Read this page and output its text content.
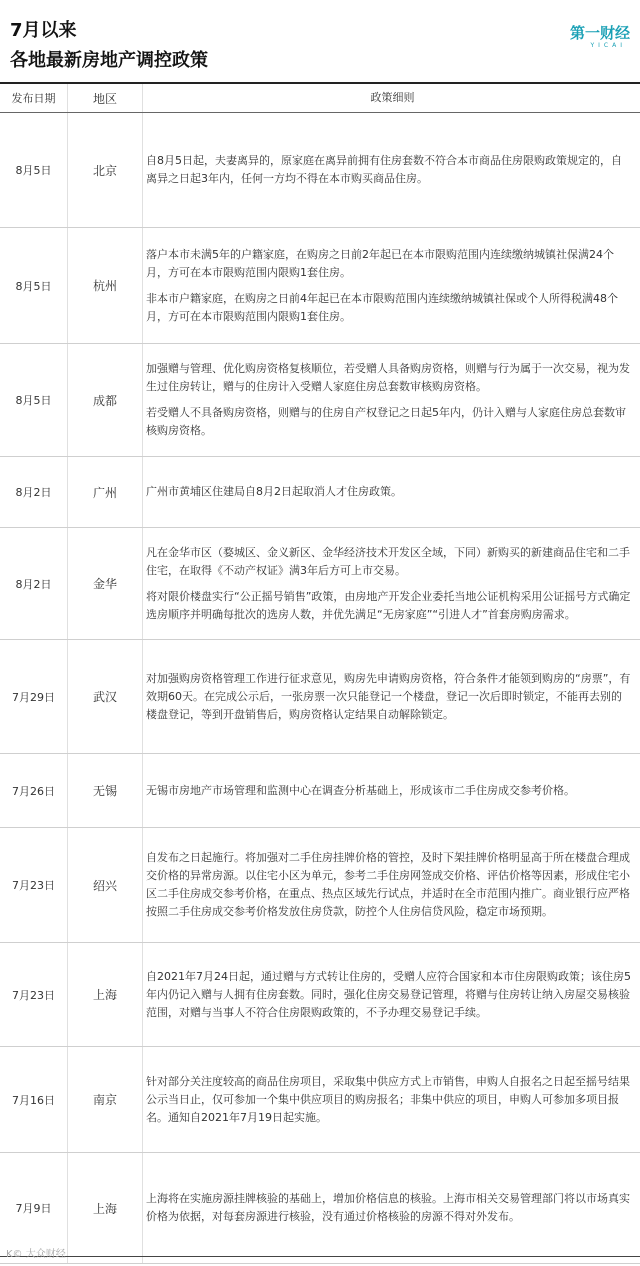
7月以来
各地最新房地产调控政策
第一财经
YICAI
发布日期	地区	政策细则
8月5日	北京	自8月5日起，夫妻离异的，原家庭在离异前拥有住房套数不符合本市商品住房限购政策规定的，自离异之日起3年内，任何一方均不得在本市购买商品住房。

8月5日	杭州	落户本市未满5年的户籍家庭，在购房之日前2年起已在本市限购范围内连续缴纳城镇社保满24个月，方可在本市限购范围内限购1套住房。
非本市户籍家庭，在购房之日前4年起已在本市限购范围内连续缴纳城镇社保或个人所得税满48个月，方可在本市限购范围内限购1套住房。

8月5日	成都	加强赠与管理、优化购房资格复核顺位，若受赠人具备购房资格，则赠与行为属于一次交易，视为发生过住房转让，赠与的住房计入受赠人家庭住房总套数审核购房资格。
若受赠人不具备购房资格，则赠与的住房自产权登记之日起5年内，仍计入赠与人家庭住房总套数审核购房资格。

8月2日	广州	广州市黄埔区住建局自8月2日起取消人才住房政策。

8月2日	金华	凡在金华市区（婺城区、金义新区、金华经济技术开发区全域，下同）新购买的新建商品住宅和二手住宅，在取得《不动产权证》满3年后方可上市交易。
将对限价楼盘实行“公正摇号销售”政策，由房地产开发企业委托当地公证机构采用公证摇号方式确定选房顺序并明确每批次的选房人数，并优先满足“无房家庭”“引进人才”首套房购房需求。

7月29日	武汉	对加强购房资格管理工作进行征求意见，购房先申请购房资格，符合条件才能领到购房的“房票”，有效期60天。在完成公示后，一张房票一次只能登记一个楼盘，登记一次后即时锁定，不能再去别的楼盘登记，等到开盘销售后，购房资格认定结果自动解除锁定。

7月26日	无锡	无锡市房地产市场管理和监测中心在调查分析基础上，形成该市二手住房成交参考价格。

7月23日	绍兴	自发布之日起施行。将加强对二手住房挂牌价格的管控，及时下架挂牌价格明显高于所在楼盘合理成交价格的异常房源。以住宅小区为单元，参考二手住房网签成交价格、评估价格等因素，形成住宅小区二手住房成交参考价格，在重点、热点区域先行试点，并适时在全市范围内推广。商业银行应严格按照二手住房成交参考价格发放住房贷款，防控个人住房信贷风险，稳定市场预期。

7月23日	上海	自2021年7月24日起，通过赠与方式转让住房的，受赠人应符合国家和本市住房限购政策；该住房5年内仍记入赠与人拥有住房套数。同时，强化住房交易登记管理，将赠与住房转让纳入房屋交易核验范围，对赠与当事人不符合住房限购政策的，不予办理交易登记手续。

7月16日	南京	针对部分关注度较高的商品住房项目，采取集中供应方式上市销售，申购人自报名之日起至摇号结果公示当日止，仅可参加一个集中供应项目的购房报名；非集中供应的项目，申购人可参加多项目报名。通知自2021年7月19日起实施。

7月9日	上海	上海将在实施房源挂牌核验的基础上，增加价格信息的核验。上海市相关交易管理部门将以市场真实价格为依据，对每套房源进行核验，没有通过价格核验的房源不得对外发布。
K© 大众财经
